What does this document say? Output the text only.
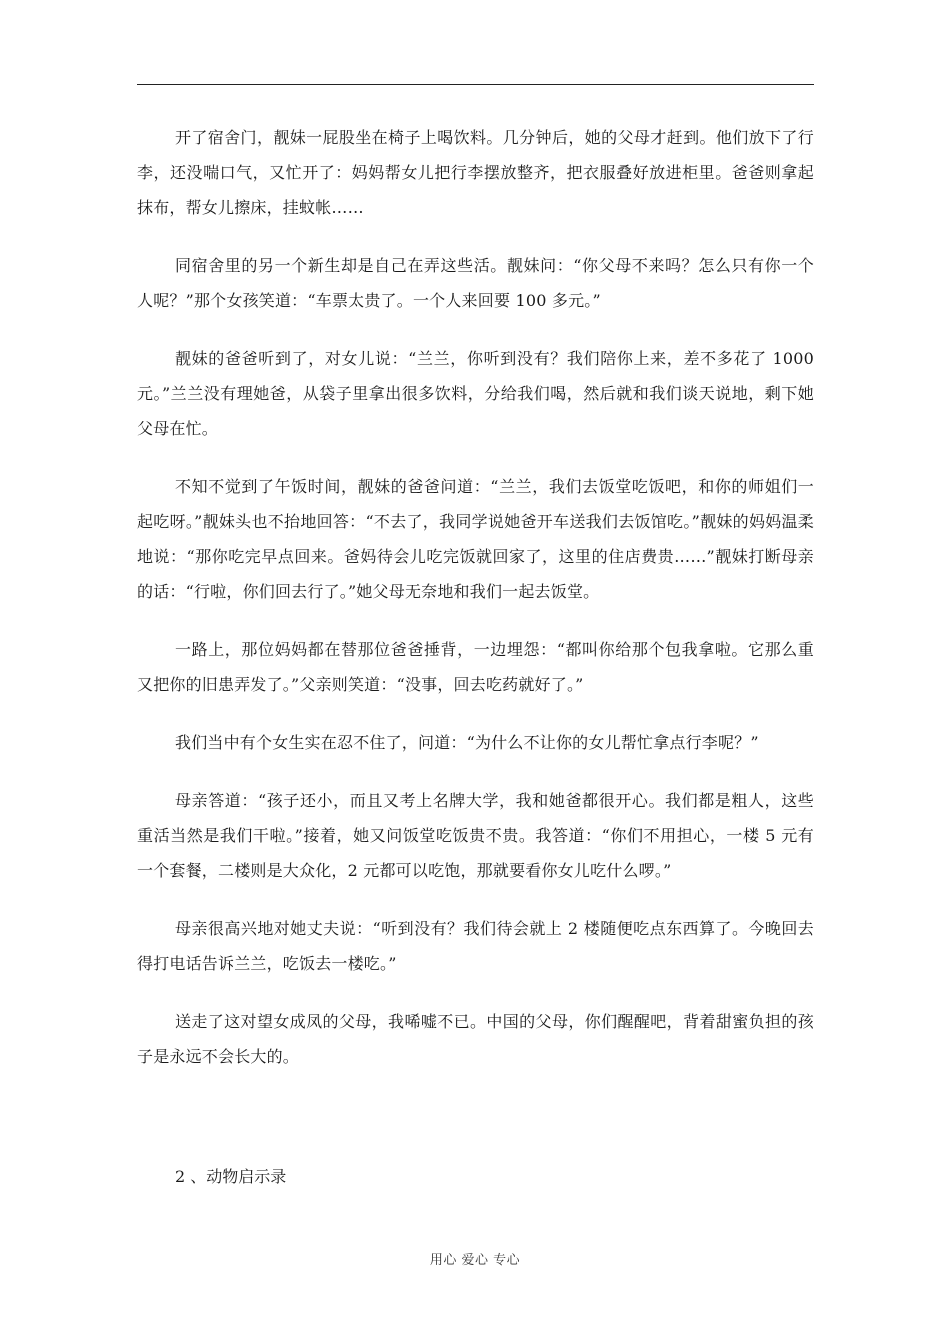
开了宿舍门，靓妹一屁股坐在椅子上喝饮料。几分钟后，她的父母才赶到。他们放下了行李，还没喘口气，又忙开了：妈妈帮女儿把行李摆放整齐，把衣服叠好放进柜里。爸爸则拿起抹布，帮女儿擦床，挂蚊帐……

同宿舍里的另一个新生却是自己在弄这些活。靓妹问：“你父母不来吗？怎么只有你一个人呢？”那个女孩笑道：“车票太贵了。一个人来回要 100 多元。”

靓妹的爸爸听到了，对女儿说：“兰兰，你听到没有？我们陪你上来，差不多花了 1000 元。”兰兰没有理她爸，从袋子里拿出很多饮料，分给我们喝，然后就和我们谈天说地，剩下她父母在忙。

不知不觉到了午饭时间，靓妹的爸爸问道：“兰兰，我们去饭堂吃饭吧，和你的师姐们一起吃呀。”靓妹头也不抬地回答：“不去了，我同学说她爸开车送我们去饭馆吃。”靓妹的妈妈温柔地说：“那你吃完早点回来。爸妈待会儿吃完饭就回家了，这里的住店费贵……”靓妹打断母亲的话：“行啦，你们回去行了。”她父母无奈地和我们一起去饭堂。

一路上，那位妈妈都在替那位爸爸捶背，一边埋怨：“都叫你给那个包我拿啦。它那么重又把你的旧患弄发了。”父亲则笑道：“没事，回去吃药就好了。”

我们当中有个女生实在忍不住了，问道：“为什么不让你的女儿帮忙拿点行李呢？”

母亲答道：“孩子还小，而且又考上名牌大学，我和她爸都很开心。我们都是粗人，这些重活当然是我们干啦。”接着，她又问饭堂吃饭贵不贵。我答道：“你们不用担心，一楼 5 元有一个套餐，二楼则是大众化，2 元都可以吃饱，那就要看你女儿吃什么啰。”

母亲很高兴地对她丈夫说：“听到没有？我们待会就上 2 楼随便吃点东西算了。今晚回去得打电话告诉兰兰，吃饭去一楼吃。”

送走了这对望女成凤的父母，我唏嘘不已。中国的父母，你们醒醒吧，背着甜蜜负担的孩子是永远不会长大的。

2 、动物启示录

用心 爱心 专心
